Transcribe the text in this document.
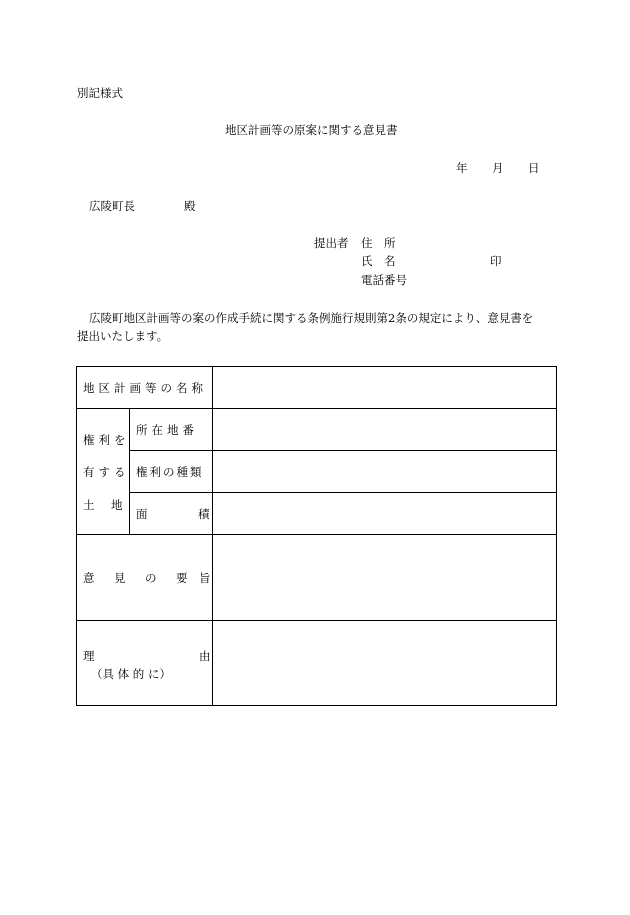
別記様式
地区計画等の原案に関する意見書
年 月 日
広陵町長	殿
提出者 住　所
氏　名	印
電話番号
広陵町地区計画等の案の作成手続に関する条例施行規則第2条の規定により、意見書を
提出いたします。
地区計画等の名称		

権利を
有する
土 地	所在地番	

	権利の種類	

	面 積	

意 見 の 要 旨		

理 由
（具 体 的 に）		
